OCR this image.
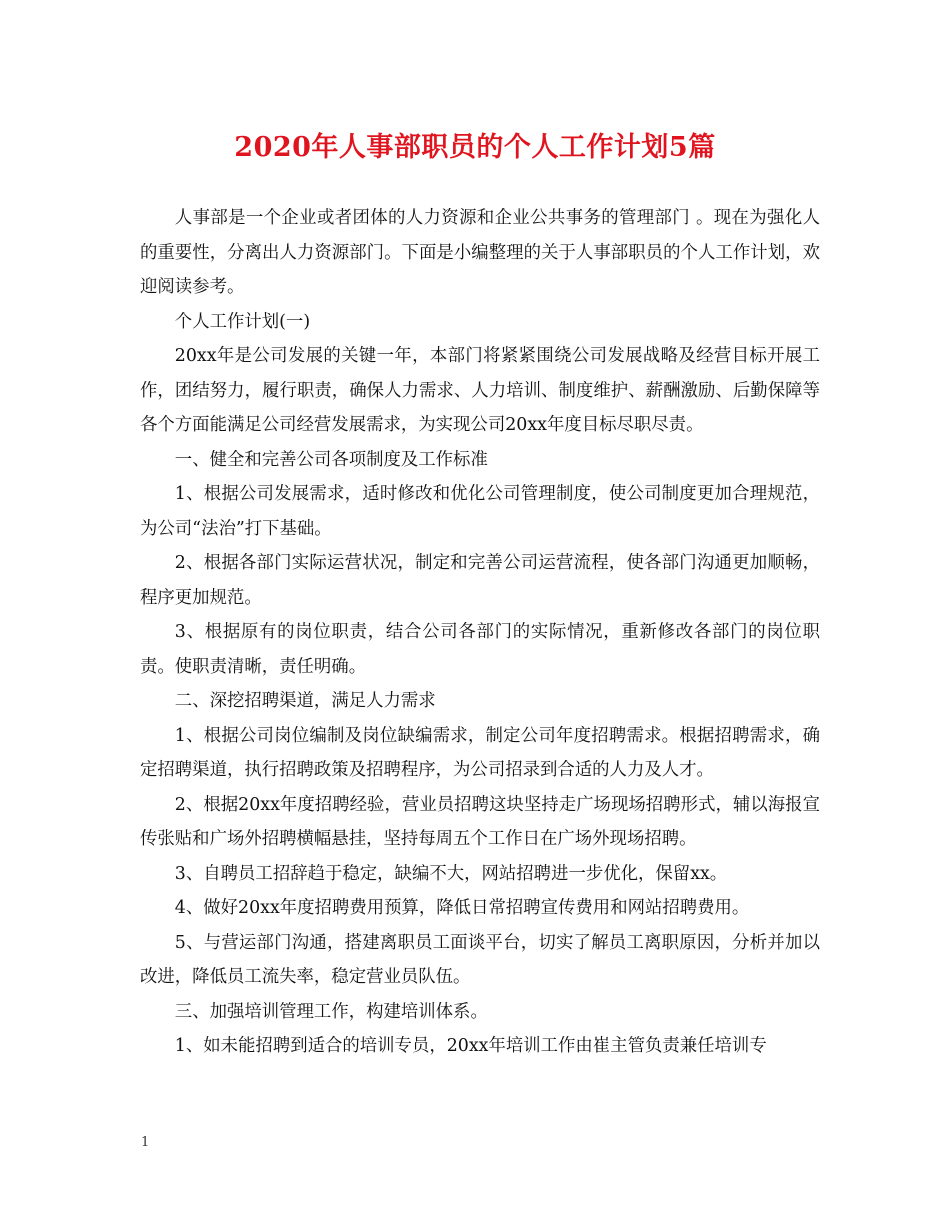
2020年人事部职员的个人工作计划5篇

人事部是一个企业或者团体的人力资源和企业公共事务的管理部门 。现在为强化人的重要性，分离出人力资源部门。下面是小编整理的关于人事部职员的个人工作计划，欢迎阅读参考。

个人工作计划(一)

20xx年是公司发展的关键一年，本部门将紧紧围绕公司发展战略及经营目标开展工作，团结努力，履行职责，确保人力需求、人力培训、制度维护、薪酬激励、后勤保障等各个方面能满足公司经营发展需求，为实现公司20xx年度目标尽职尽责。

一、健全和完善公司各项制度及工作标准

1、根据公司发展需求，适时修改和优化公司管理制度，使公司制度更加合理规范，为公司“法治”打下基础。

2、根据各部门实际运营状况，制定和完善公司运营流程，使各部门沟通更加顺畅，程序更加规范。

3、根据原有的岗位职责，结合公司各部门的实际情况，重新修改各部门的岗位职责。使职责清晰，责任明确。

二、深挖招聘渠道，满足人力需求

1、根据公司岗位编制及岗位缺编需求，制定公司年度招聘需求。根据招聘需求，确定招聘渠道，执行招聘政策及招聘程序，为公司招录到合适的人力及人才。

2、根据20xx年度招聘经验，营业员招聘这块坚持走广场现场招聘形式，辅以海报宣传张贴和广场外招聘横幅悬挂，坚持每周五个工作日在广场外现场招聘。

3、自聘员工招辞趋于稳定，缺编不大，网站招聘进一步优化，保留xx。

4、做好20xx年度招聘费用预算，降低日常招聘宣传费用和网站招聘费用。

5、与营运部门沟通，搭建离职员工面谈平台，切实了解员工离职原因，分析并加以改进，降低员工流失率，稳定营业员队伍。

三、加强培训管理工作，构建培训体系。

1、如未能招聘到适合的培训专员，20xx年培训工作由崔主管负责兼任培训专

1
